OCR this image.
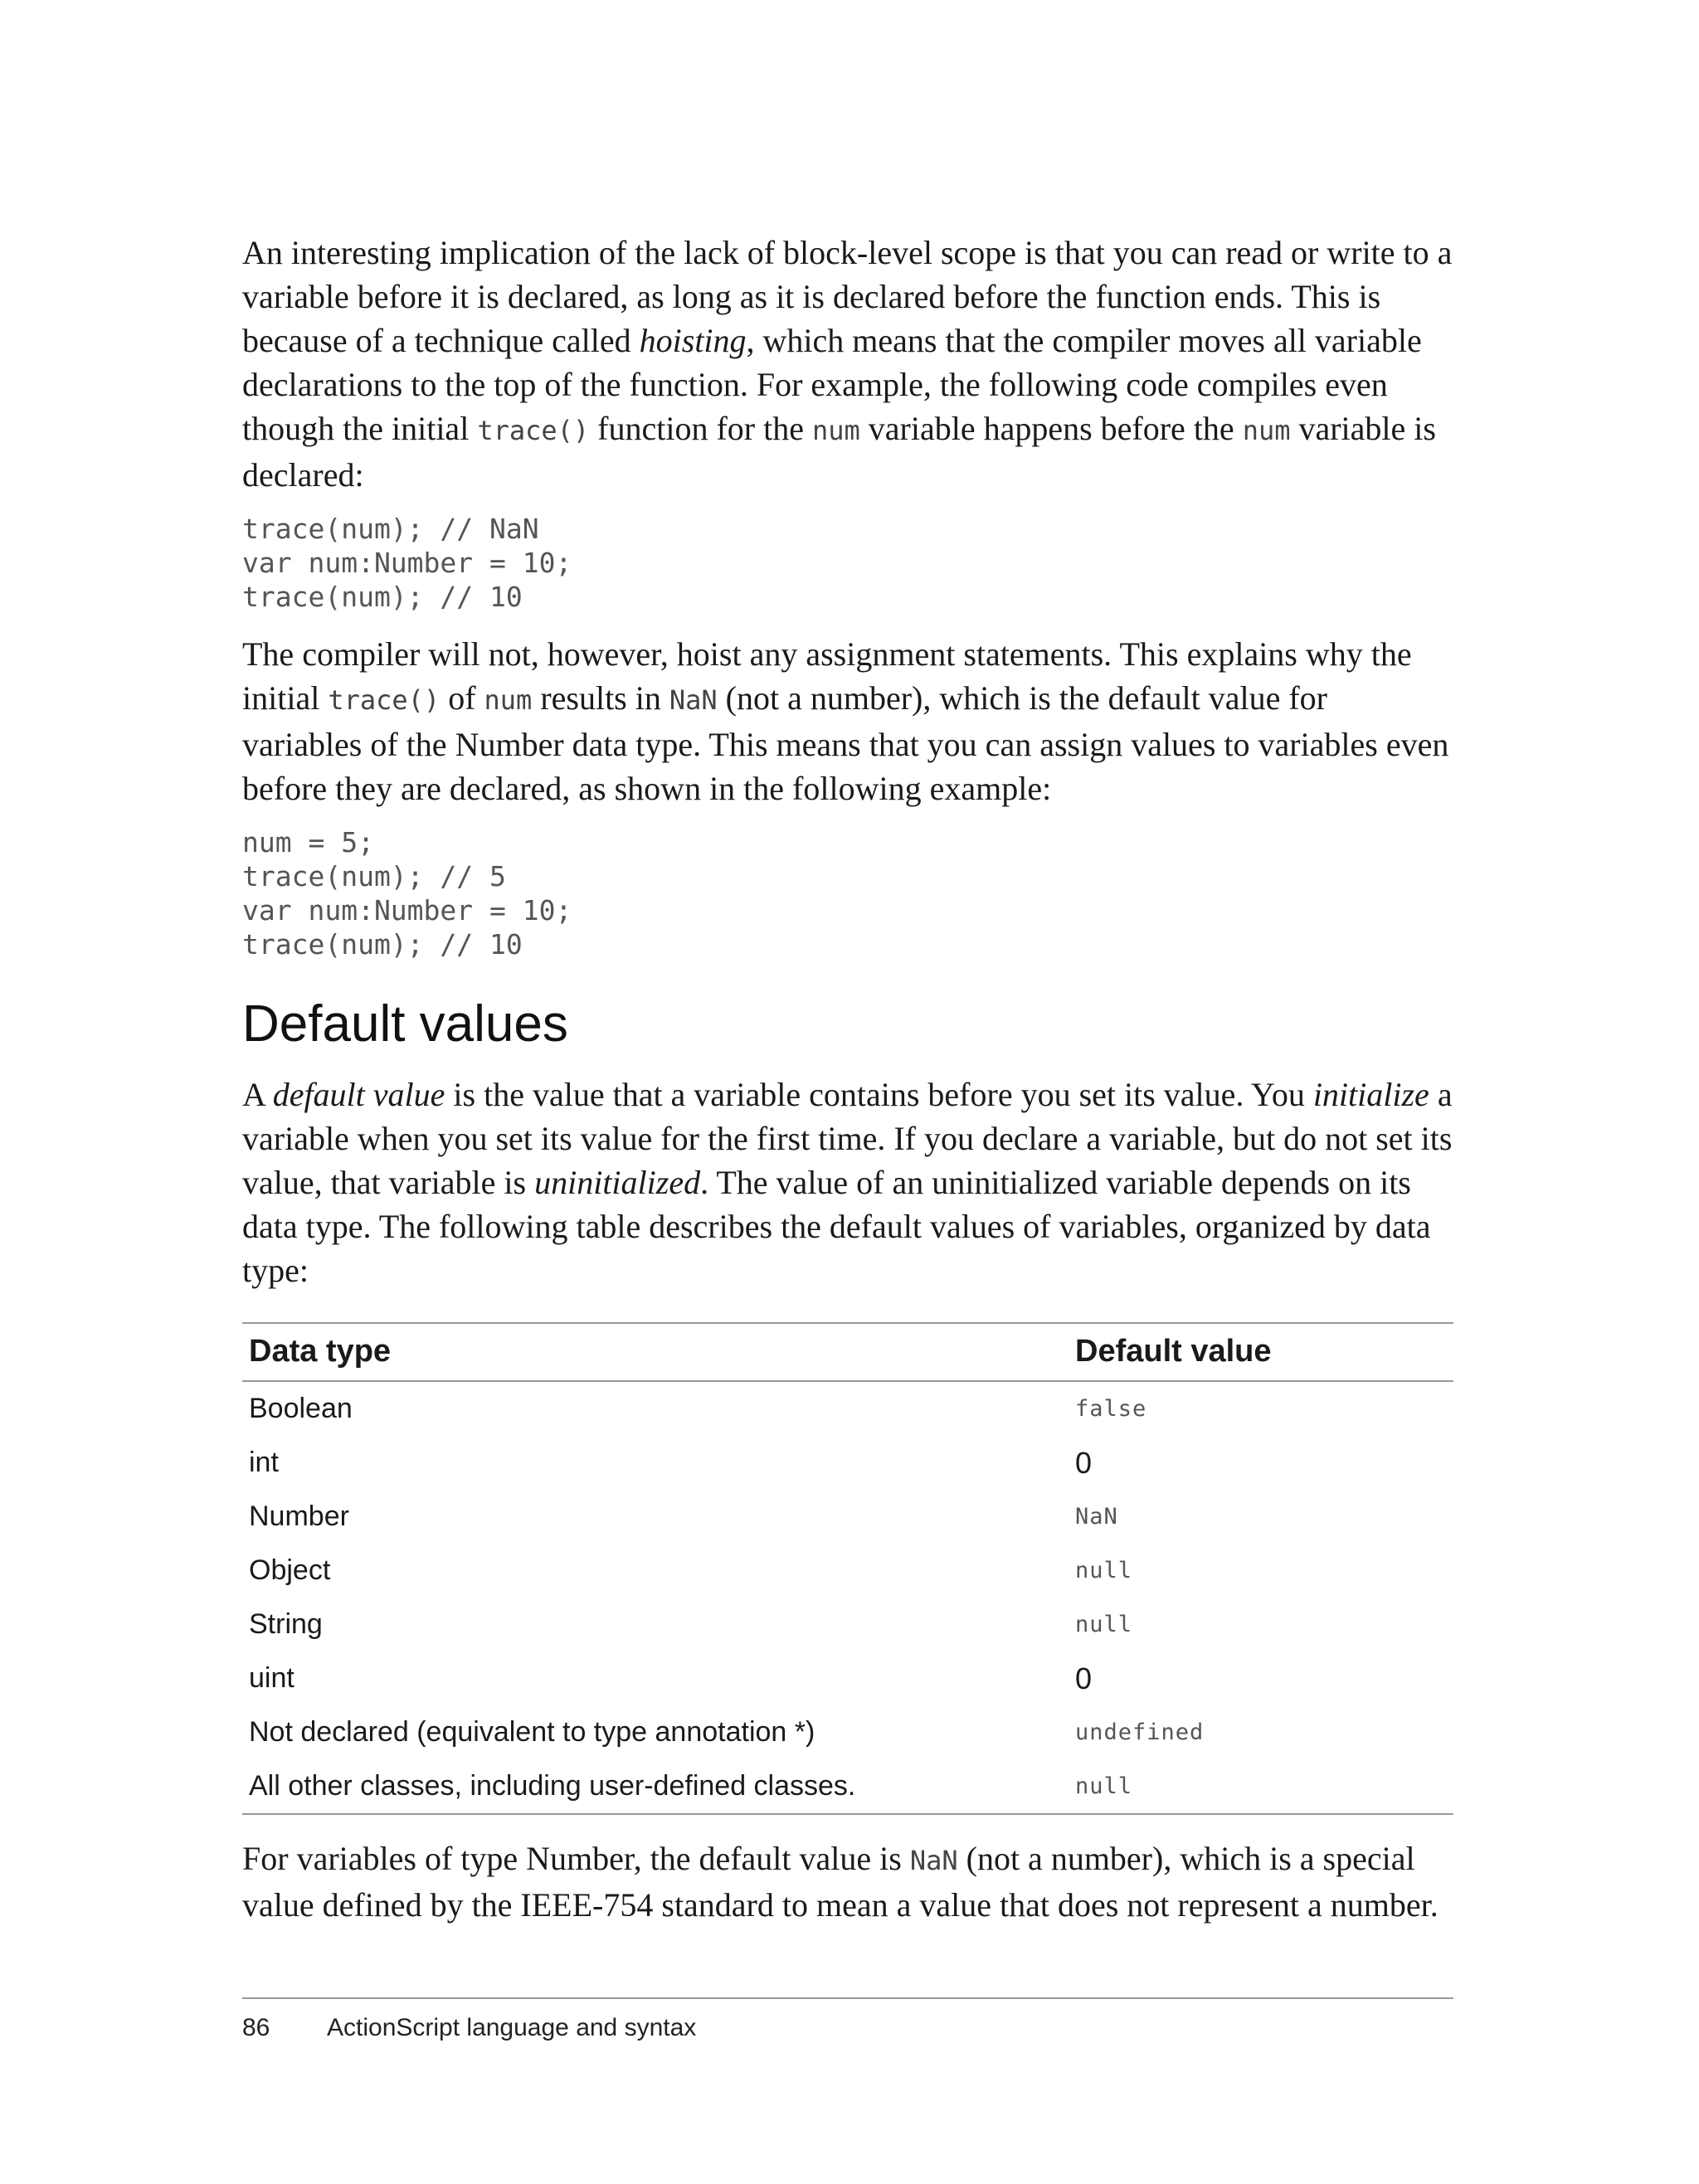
An interesting implication of the lack of block-level scope is that you can read or write to a variable before it is declared, as long as it is declared before the function ends. This is because of a technique called hoisting, which means that the compiler moves all variable declarations to the top of the function. For example, the following code compiles even though the initial trace() function for the num variable happens before the num variable is declared:

trace(num); // NaN
var num:Number = 10;
trace(num); // 10

The compiler will not, however, hoist any assignment statements. This explains why the initial trace() of num results in NaN (not a number), which is the default value for variables of the Number data type. This means that you can assign values to variables even before they are declared, as shown in the following example:

num = 5;
trace(num); // 5
var num:Number = 10;
trace(num); // 10
Default values

A default value is the value that a variable contains before you set its value. You initialize a variable when you set its value for the first time. If you declare a variable, but do not set its value, that variable is uninitialized. The value of an uninitialized variable depends on its data type. The following table describes the default values of variables, organized by data type:

Data type	Default value
Boolean	false
int	0
Number	NaN
Object	null
String	null
uint	0
Not declared (equivalent to type annotation *)	undefined
All other classes, including user-defined classes.	null

For variables of type Number, the default value is NaN (not a number), which is a special value defined by the IEEE-754 standard to mean a value that does not represent a number.

86 ActionScript language and syntax
